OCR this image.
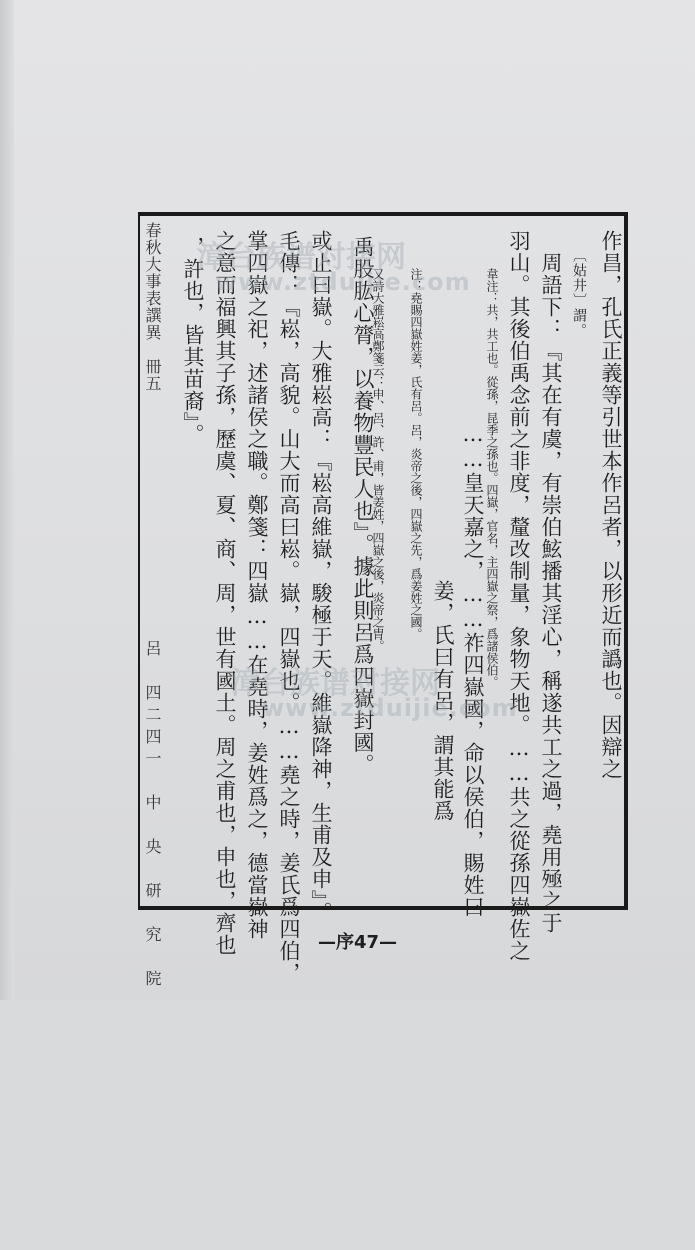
作昌，孔氏正義等引世本作呂者，以形近而譌也。因辯之
〔姑井〕謂。
　周語下：『其在有虞，有崇伯鮌播其淫心，稱遂共工之過，堯用殛之于
羽山。其後伯禹念前之非度，釐改制量，象物天地。……共之從孫四嶽佐之
　韋注：共，共工也。從孫，昆季之孫也。四嶽，官名，主四嶽之祭，爲諸侯伯。
　……皇天嘉之，……祚四嶽國，命以侯伯，賜姓曰
姜，氏曰有呂，謂其能爲
　注：堯賜四嶽姓姜，氏有呂。呂，炎帝之後，四嶽之先，爲姜姓之國。
禹股肱心膂，以養物豐民人也』。據此則呂爲四嶽封國。
　又詩大雅崧高鄭箋云：申、呂、許、甫，皆姜姓，四嶽之後，炎帝之胄。
或止曰嶽。大雅崧高：『崧高維嶽，駿極于天。維嶽降神，生甫及申』。
毛傳：『崧，高貌。山大而高曰崧。嶽，四嶽也。……堯之時，姜氏爲四伯，
掌四嶽之祀，述諸侯之職。鄭箋：四嶽……在堯時，姜姓爲之，德當嶽神
之意而福興其子孫，歷虞、夏、商、周，世有國土。周之甫也，申也，齊也
，許也，皆其苗裔』。
春秋大事表譔異　冊五
呂　四二四一　中　央　研　究　院
漳台族谱对接网
www.ztduijie.com
漳台族谱对接网
www.ztduijie.com
—序47—
